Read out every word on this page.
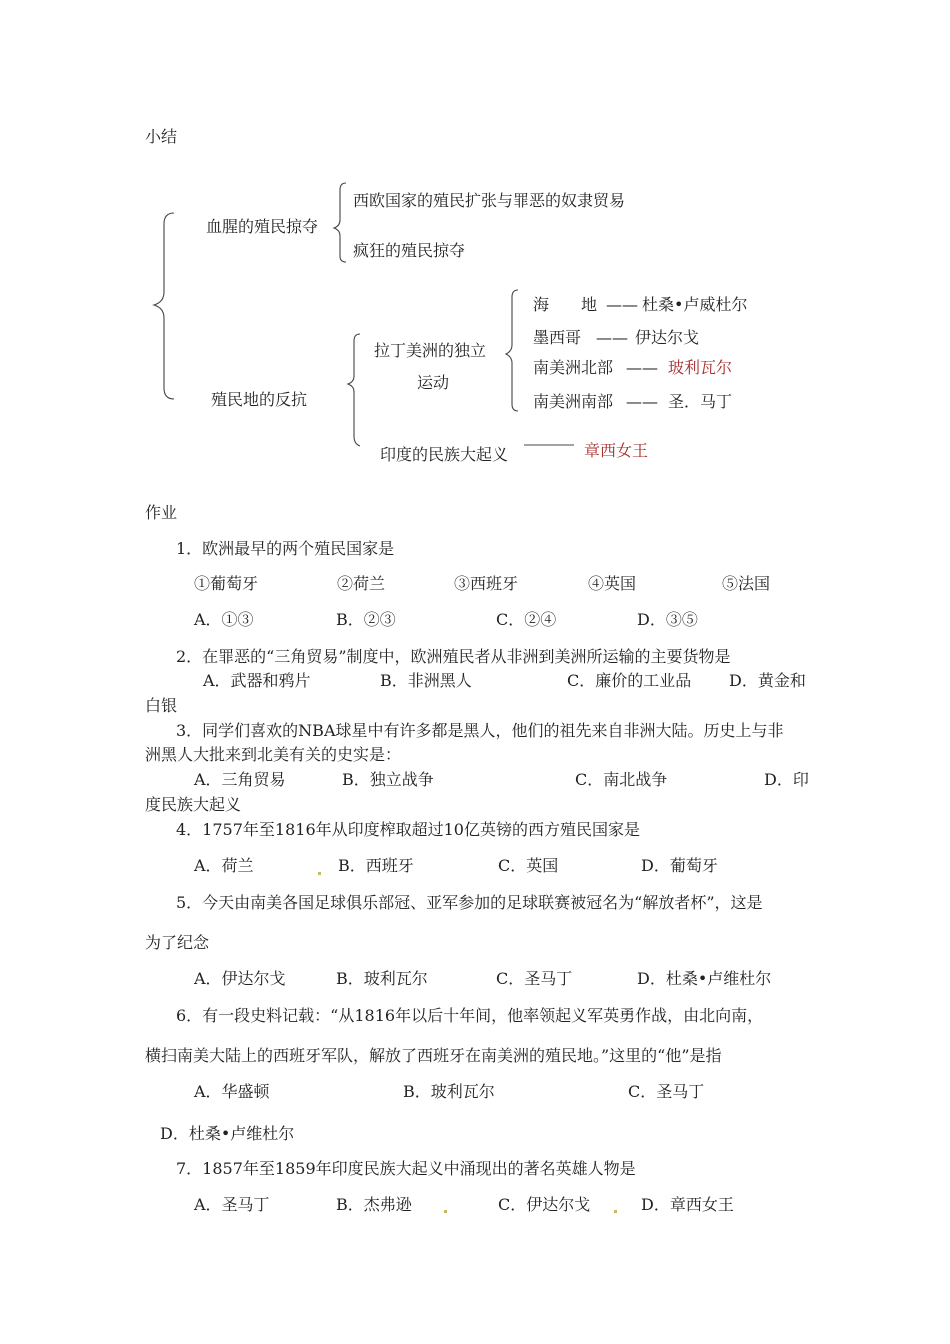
小结
血腥的殖民掠夺
西欧国家的殖民扩张与罪恶的奴隶贸易
疯狂的殖民掠夺
殖民地的反抗
拉丁美洲的独立
运动
海　　地 —— 杜桑•卢威杜尔
墨西哥 —— 伊达尔戈
南美洲北部 —— 玻利瓦尔
南美洲南部 —— 圣．马丁
印度的民族大起义	章西女王
作业
1．欧洲最早的两个殖民国家是
①葡萄牙	②荷兰	③西班牙	④英国	⑤法国
A．①③	B．②③	C．②④	D．③⑤
2．在罪恶的“三角贸易”制度中，欧洲殖民者从非洲到美洲所运输的主要货物是
A．武器和鸦片	B．非洲黑人	C．廉价的工业品 D．黄金和
白银
3．同学们喜欢的NBA球星中有许多都是黑人，他们的祖先来自非洲大陆。历史上与非
洲黑人大批来到北美有关的史实是：
A．三角贸易	B．独立战争	C．南北战争	D．印
度民族大起义
4．1757年至1816年从印度榨取超过10亿英镑的西方殖民国家是
A．荷兰	B．西班牙	C．英国	D．葡萄牙
5．今天由南美各国足球俱乐部冠、亚军参加的足球联赛被冠名为“解放者杯”，这是
为了纪念
A．伊达尔戈	B．玻利瓦尔	C．圣马丁	D．杜桑•卢维杜尔
6．有一段史料记载：“从1816年以后十年间，他率领起义军英勇作战，由北向南，
横扫南美大陆上的西班牙军队，解放了西班牙在南美洲的殖民地。”这里的“他”是指
A．华盛顿	B．玻利瓦尔	C．圣马丁
D．杜桑•卢维杜尔
7．1857年至1859年印度民族大起义中涌现出的著名英雄人物是
A．圣马丁	B．杰弗逊	C．伊达尔戈	D．章西女王
